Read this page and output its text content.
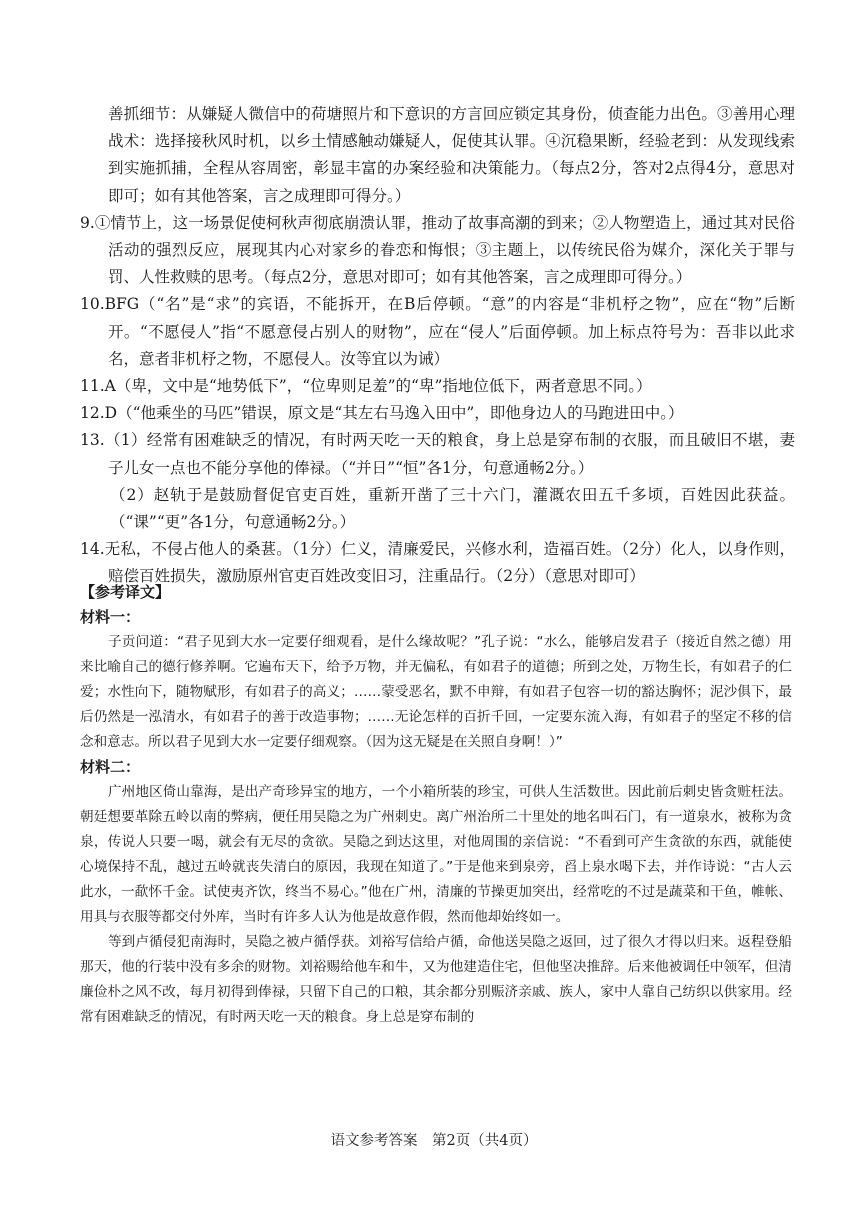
善抓细节：从嫌疑人微信中的荷塘照片和下意识的方言回应锁定其身份，侦查能力出色。③善用心理战术：选择接秋风时机，以乡土情感触动嫌疑人，促使其认罪。④沉稳果断，经验老到：从发现线索到实施抓捕，全程从容周密，彰显丰富的办案经验和决策能力。（每点2分，答对2点得4分，意思对即可；如有其他答案，言之成理即可得分。）

9.①情节上，这一场景促使柯秋声彻底崩溃认罪，推动了故事高潮的到来；②人物塑造上，通过其对民俗活动的强烈反应，展现其内心对家乡的眷恋和悔恨；③主题上，以传统民俗为媒介，深化关于罪与罚、人性救赎的思考。（每点2分，意思对即可；如有其他答案，言之成理即可得分。）

10.BFG（“名”是“求”的宾语，不能拆开，在B后停顿。“意”的内容是“非机杼之物”，应在“物”后断开。“不愿侵人”指“不愿意侵占别人的财物”，应在“侵人”后面停顿。加上标点符号为：吾非以此求名，意者非机杼之物，不愿侵人。汝等宜以为诫）

11.A（卑，文中是“地势低下”，“位卑则足羞”的“卑”指地位低下，两者意思不同。）

12.D（“他乘坐的马匹”错误，原文是“其左右马逸入田中”，即他身边人的马跑进田中。）

13.（1）经常有困难缺乏的情况，有时两天吃一天的粮食，身上总是穿布制的衣服，而且破旧不堪，妻子儿女一点也不能分享他的俸禄。（“并日”“恒”各1分，句意通畅2分。）

（2）赵轨于是鼓励督促官吏百姓，重新开凿了三十六门，灌溉农田五千多顷，百姓因此获益。（“课”“更”各1分，句意通畅2分。）

14.无私，不侵占他人的桑葚。（1分）仁义，清廉爱民，兴修水利，造福百姓。（2分）化人，以身作则，赔偿百姓损失，激励原州官吏百姓改变旧习，注重品行。（2分）（意思对即可）

【参考译文】

材料一：

子贡问道：“君子见到大水一定要仔细观看，是什么缘故呢？”孔子说：“水么，能够启发君子（接近自然之德）用来比喻自己的德行修养啊。它遍布天下，给予万物，并无偏私，有如君子的道德；所到之处，万物生长，有如君子的仁爱；水性向下，随物赋形，有如君子的高义；……蒙受恶名，默不申辩，有如君子包容一切的豁达胸怀；泥沙俱下，最后仍然是一泓清水，有如君子的善于改造事物；……无论怎样的百折千回，一定要东流入海，有如君子的坚定不移的信念和意志。所以君子见到大水一定要仔细观察。（因为这无疑是在关照自身啊！）”

材料二：

广州地区倚山靠海，是出产奇珍异宝的地方，一个小箱所装的珍宝，可供人生活数世。因此前后刺史皆贪赃枉法。朝廷想要革除五岭以南的弊病，便任用吴隐之为广州刺史。离广州治所二十里处的地名叫石门，有一道泉水，被称为贪泉，传说人只要一喝，就会有无尽的贪欲。吴隐之到达这里，对他周围的亲信说：“不看到可产生贪欲的东西，就能使心境保持不乱，越过五岭就丧失清白的原因，我现在知道了。”于是他来到泉旁，舀上泉水喝下去，并作诗说：“古人云此水，一歃怀千金。试使夷齐饮，终当不易心。”他在广州，清廉的节操更加突出，经常吃的不过是蔬菜和干鱼，帷帐、用具与衣服等都交付外库，当时有许多人认为他是故意作假，然而他却始终如一。

等到卢循侵犯南海时，吴隐之被卢循俘获。刘裕写信给卢循，命他送吴隐之返回，过了很久才得以归来。返程登船那天，他的行装中没有多余的财物。刘裕赐给他车和牛，又为他建造住宅，但他坚决推辞。后来他被调任中领军，但清廉俭朴之风不改，每月初得到俸禄，只留下自己的口粮，其余都分别赈济亲戚、族人，家中人靠自己纺织以供家用。经常有困难缺乏的情况，有时两天吃一天的粮食。身上总是穿布制的

语文参考答案　第2页（共4页）
